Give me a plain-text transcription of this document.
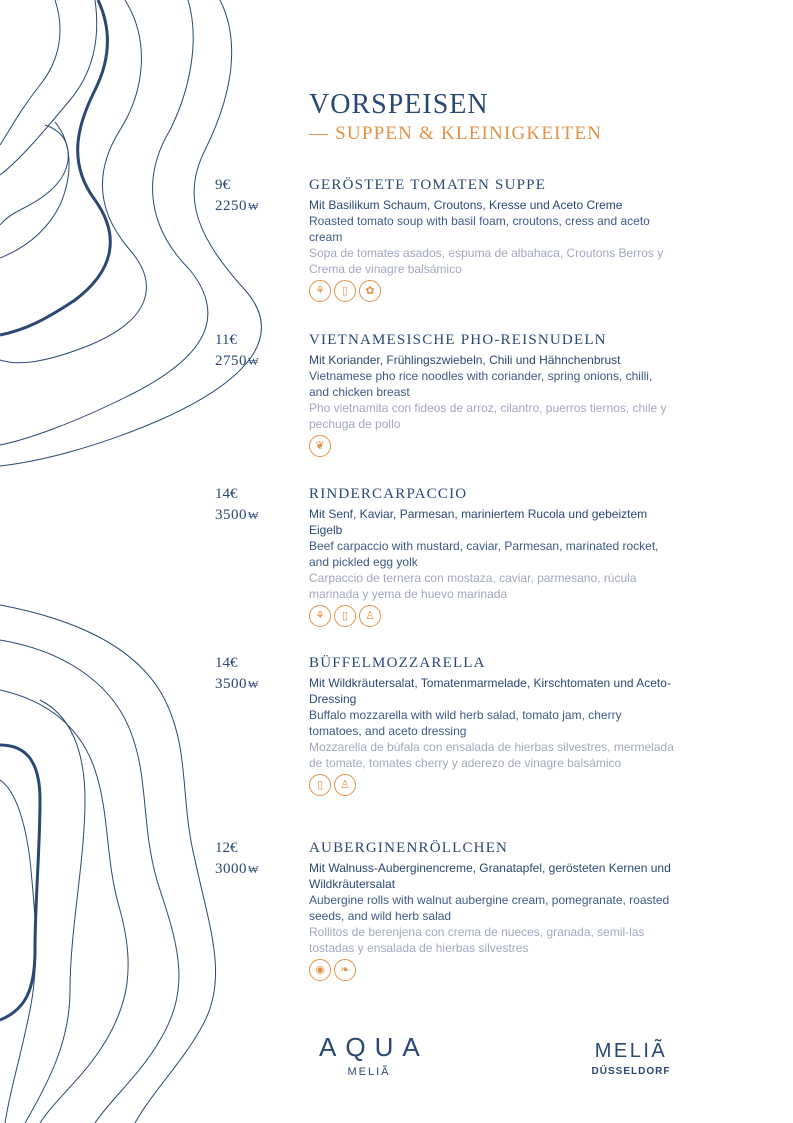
VORSPEISEN
— SUPPEN & KLEINIGKEITEN
9€
2250₩
GERÖSTETE TOMATEN SUPPE
Mit Basilikum Schaum, Croutons, Kresse und Aceto Creme
Roasted tomato soup with basil foam, croutons, cress and aceto cream
Sopa de tomates asados, espuma de albahaca, Croutons Berros y Crema de vinagre balsámico
⚘ ▯ ✿
11€
2750₩
VIETNAMESISCHE PHO-REISNUDELN
Mit Koriander, Frühlingszwiebeln, Chili und Hähnchenbrust
Vietnamese pho rice noodles with coriander, spring onions, chilli, and chicken breast
Pho vietnamita con fideos de arroz, cilantro, puerros tiernos, chile y pechuga de pollo
❦
14€
3500₩
RINDERCARPACCIO
Mit Senf, Kaviar, Parmesan, mariniertem Rucola und gebeiztem Eigelb
Beef carpaccio with mustard, caviar, Parmesan, marinated rocket, and pickled egg yolk
Carpaccio de ternera con mostaza, caviar, parmesano, rúcula marinada y yema de huevo marinada
⚘ ▯ ♙
14€
3500₩
BÜFFELMOZZARELLA
Mit Wildkräutersalat, Tomatenmarmelade, Kirschtomaten und Aceto-Dressing
Buffalo mozzarella with wild herb salad, tomato jam, cherry tomatoes, and aceto dressing
Mozzarella de búfala con ensalada de hierbas silvestres, mermelada de tomate, tomates cherry y aderezo de vinagre balsámico
▯ ♙
12€
3000₩
AUBERGINENRÖLLCHEN
Mit Walnuss-Auberginencreme, Granatapfel, gerösteten Kernen und Wildkräutersalat
Aubergine rolls with walnut aubergine cream, pomegranate, roasted seeds, and wild herb salad
Rollitos de berenjena con crema de nueces, granada, semil-las tostadas y ensalada de hierbas silvestres
◉ ❧
AQUA
MELIÃ
MELIÃ
DÜSSELDORF
